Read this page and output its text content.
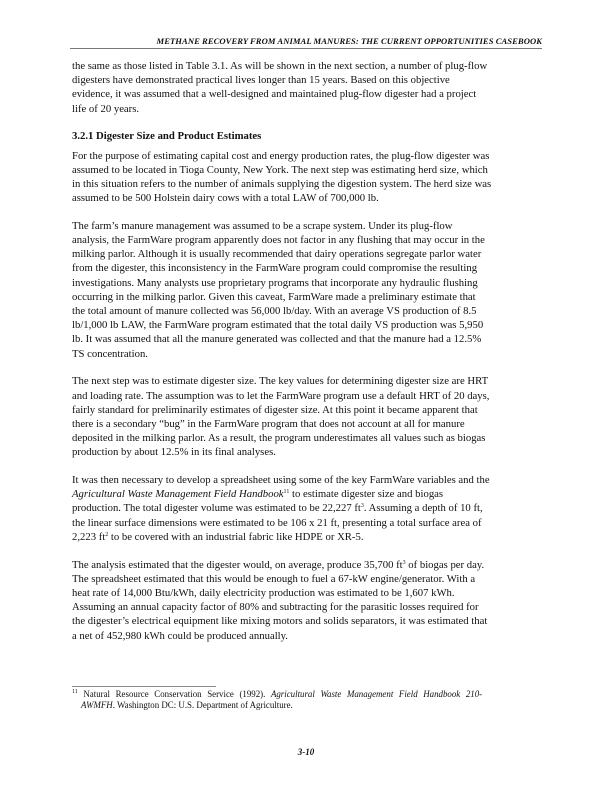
METHANE RECOVERY FROM ANIMAL MANURES: THE CURRENT OPPORTUNITIES CASEBOOK
the same as those listed in Table 3.1. As will be shown in the next section, a number of plug-flow
digesters have demonstrated practical lives longer than 15 years. Based on this objective
evidence, it was assumed that a well-designed and maintained plug-flow digester had a project
life of 20 years.
3.2.1 Digester Size and Product Estimates
For the purpose of estimating capital cost and energy production rates, the plug-flow digester was
assumed to be located in Tioga County, New York. The next step was estimating herd size, which
in this situation refers to the number of animals supplying the digestion system. The herd size was
assumed to be 500 Holstein dairy cows with a total LAW of 700,000 lb.
The farm’s manure management was assumed to be a scrape system. Under its plug-flow
analysis, the FarmWare program apparently does not factor in any flushing that may occur in the
milking parlor. Although it is usually recommended that dairy operations segregate parlor water
from the digester, this inconsistency in the FarmWare program could compromise the resulting
investigations. Many analysts use proprietary programs that incorporate any hydraulic flushing
occurring in the milking parlor. Given this caveat, FarmWare made a preliminary estimate that
the total amount of manure collected was 56,000 lb/day. With an average VS production of 8.5
lb/1,000 lb LAW, the FarmWare program estimated that the total daily VS production was 5,950
lb. It was assumed that all the manure generated was collected and that the manure had a 12.5%
TS concentration.
The next step was to estimate digester size. The key values for determining digester size are HRT
and loading rate. The assumption was to let the FarmWare program use a default HRT of 20 days,
fairly standard for preliminarily estimates of digester size. At this point it became apparent that
there is a secondary “bug” in the FarmWare program that does not account at all for manure
deposited in the milking parlor. As a result, the program underestimates all values such as biogas
production by about 12.5% in its final analyses.
It was then necessary to develop a spreadsheet using some of the key FarmWare variables and the
Agricultural Waste Management Field Handbook$^{11}$ to estimate digester size and biogas
production. The total digester volume was estimated to be 22,227 $ft^3$. Assuming a depth of 10 ft,
the linear surface dimensions were estimated to be 106 x 21 ft, presenting a total surface area of
2,223 $ft^2$ to be covered with an industrial fabric like HDPE or XR-5.
The analysis estimated that the digester would, on average, produce 35,700 $ft^3$ of biogas per day.
The spreadsheet estimated that this would be enough to fuel a 67-kW engine/generator. With a
heat rate of 14,000 Btu/kWh, daily electricity production was estimated to be 1,607 kWh.
Assuming an annual capacity factor of 80% and subtracting for the parasitic losses required for
the digester’s electrical equipment like mixing motors and solids separators, it was estimated that
a net of 452,980 kWh could be produced annually.
$^{11}$ Natural Resource Conservation Service (1992). Agricultural Waste Management Field Handbook 210-
AWMFH. Washington DC: U.S. Department of Agriculture.
3-10
